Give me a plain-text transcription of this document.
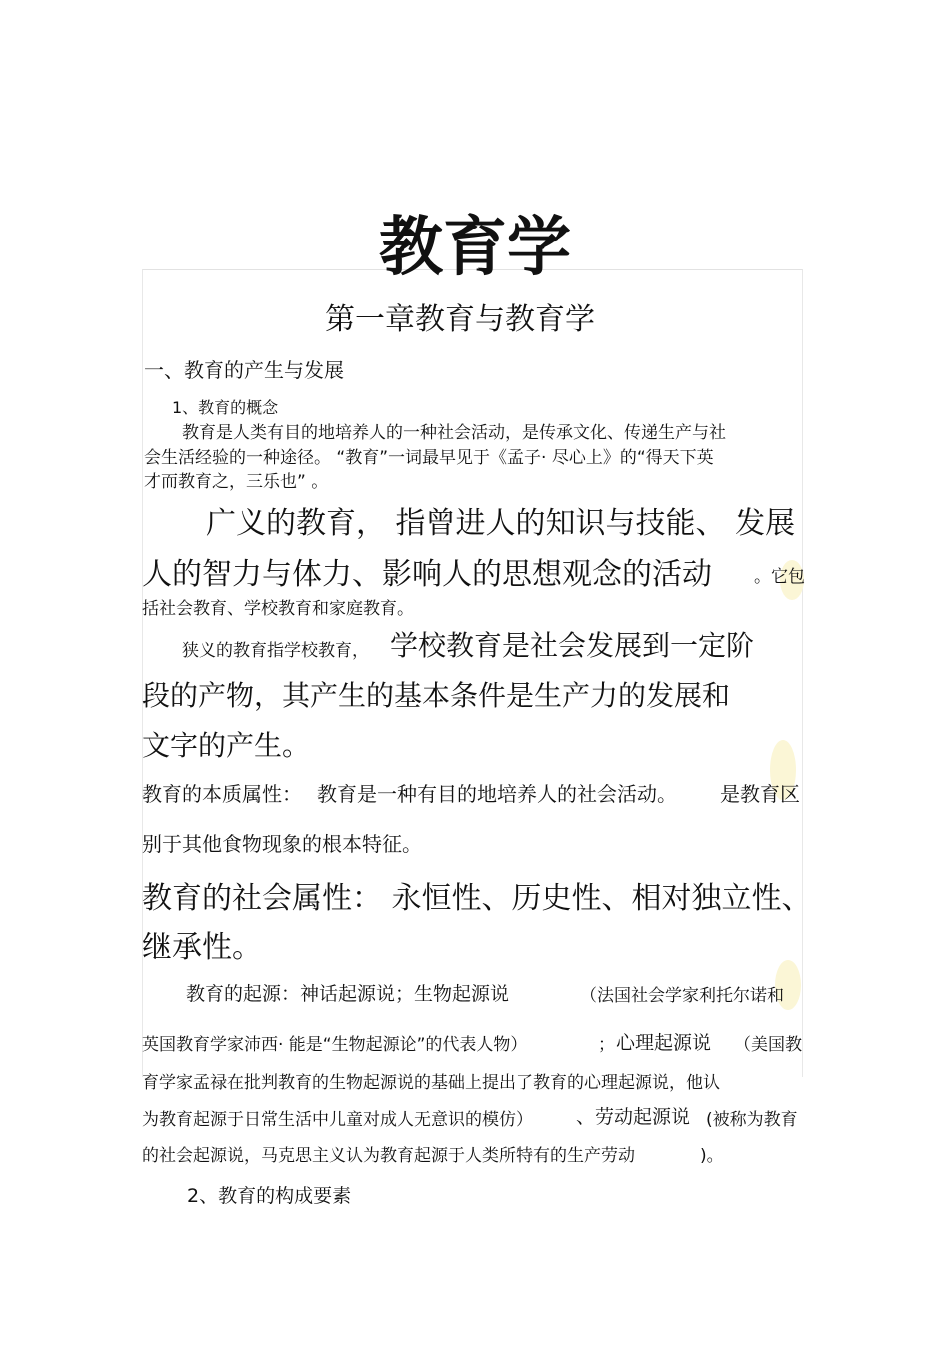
教育学
第一章教育与教育学
一、教育的产生与发展
1、教育的概念
教育是人类有目的地培养人的一种社会活动，是传承文化、传递生产与社
会生活经验的一种途径。 “教育”一词最早见于《孟子· 尽心上》的“得天下英
才而教育之，三乐也” 。
广义的教育， 指曾进人的知识与技能、 发展
人的智力与体力、影响人的思想观念的活动 。它包
括社会教育、学校教育和家庭教育。
狭义的教育指学校教育， 学校教育是社会发展到一定阶
段的产物，其产生的基本条件是生产力的发展和
文字的产生。
教育的本质属性： 教育是一种有目的地培养人的社会活动。 是教育区
别于其他食物现象的根本特征。
教育的社会属性： 永恒性、历史性、相对独立性、
继承性。
教育的起源：神话起源说；生物起源说	（法国社会学家利托尔诺和
英国教育学家沛西· 能是“生物起源论”的代表人物）	； 心理起源说 （美国教
育学家孟禄在批判教育的生物起源说的基础上提出了教育的心理起源说，他认
为教育起源于日常生活中儿童对成人无意识的模仿） 、劳动起源说 (被称为教育
的社会起源说，马克思主义认为教育起源于人类所特有的生产劳动	)。
2、教育的构成要素
